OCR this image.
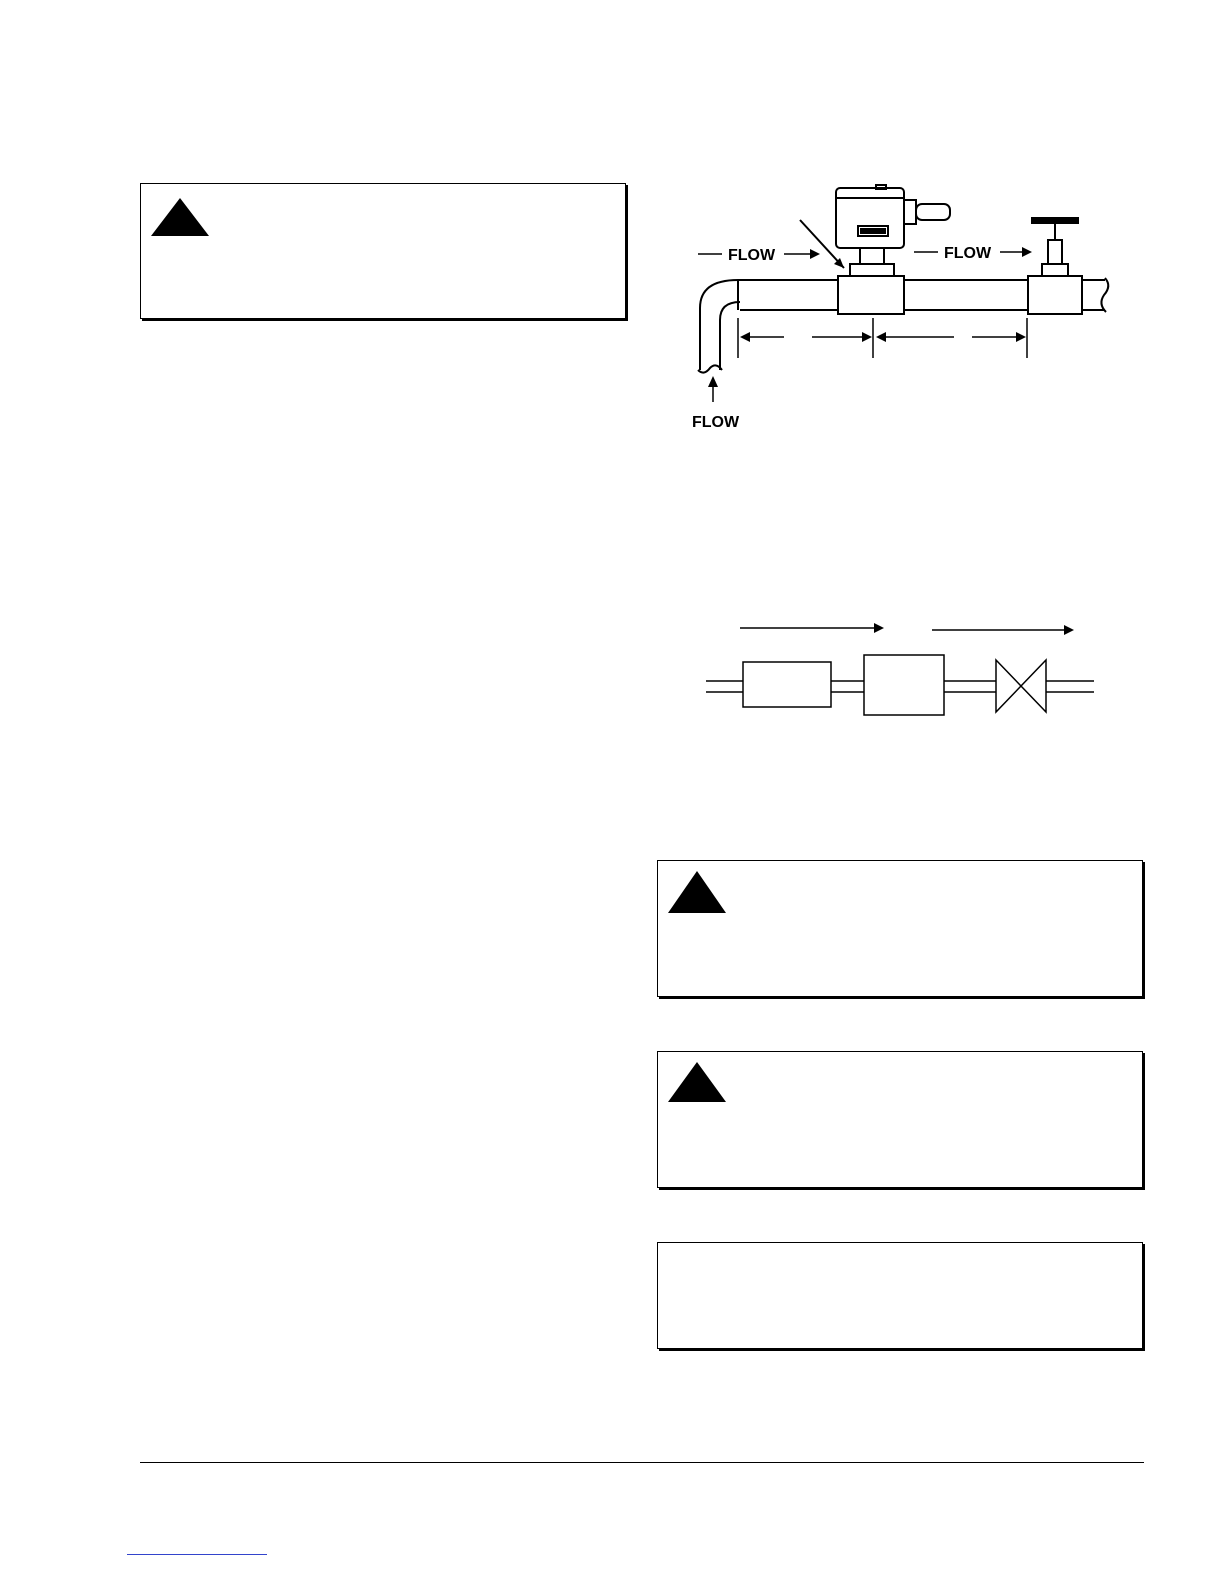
FLOW	FLOW
FLOW
